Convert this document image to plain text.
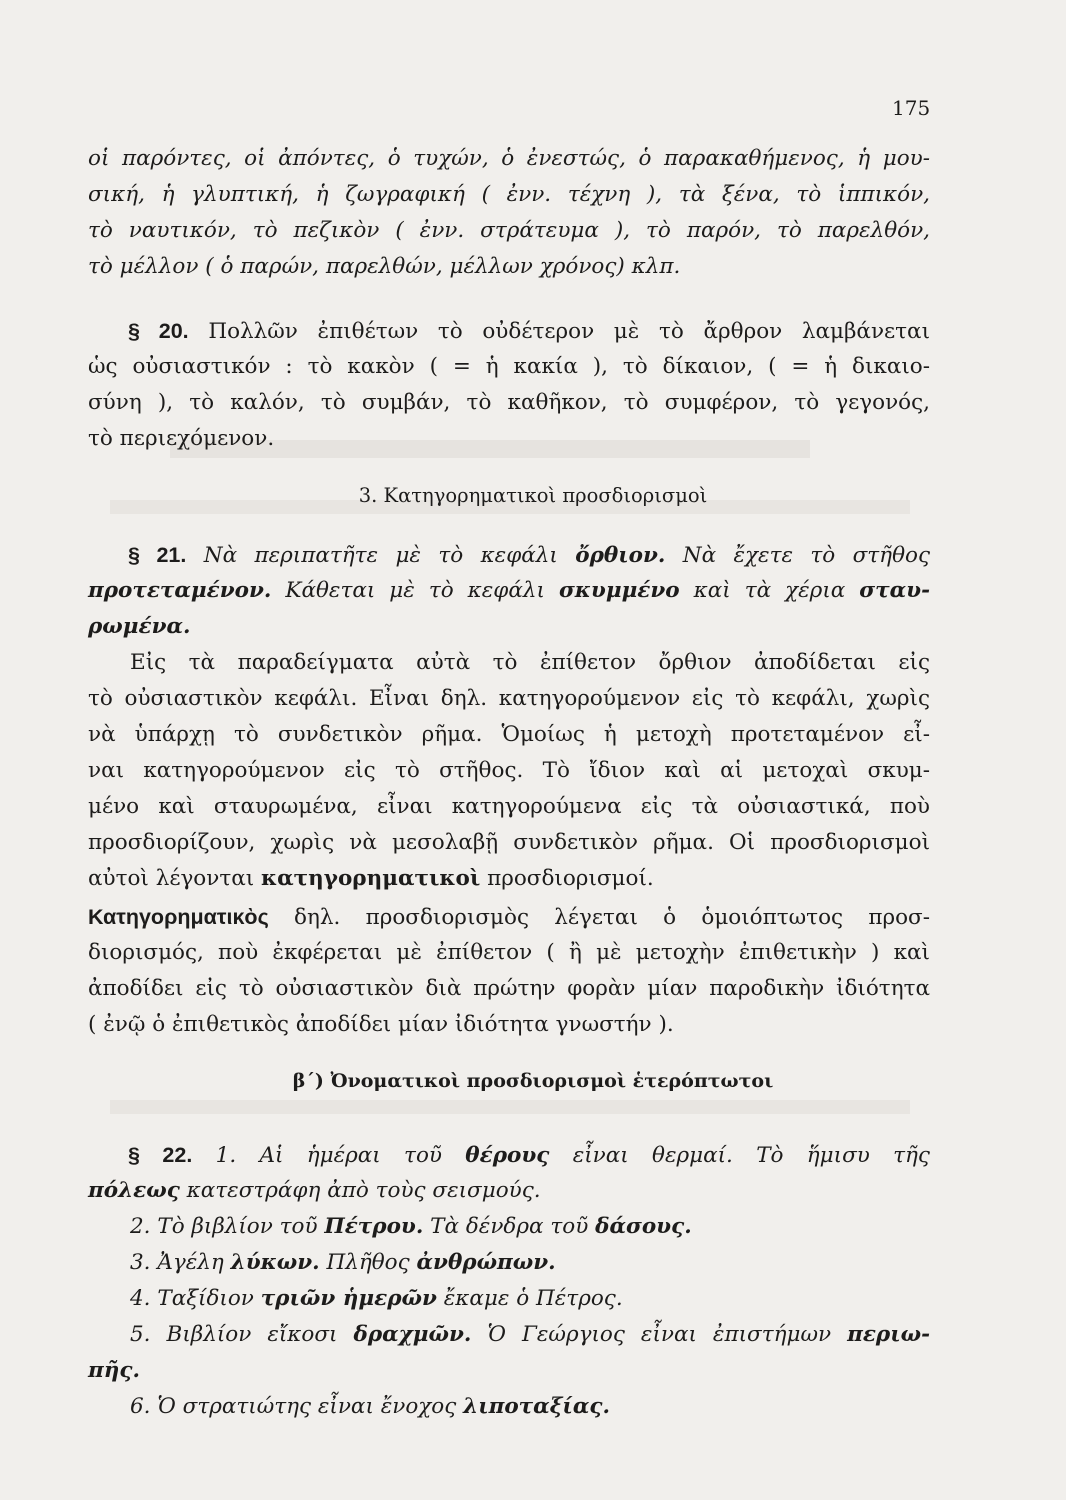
175
οἱ παρόντες, οἱ ἀπόντες, ὁ τυχών, ὁ ἐνεστώς, ὁ παρακαθήμενος, ἡ μου-
σική, ἡ γλυπτική, ἡ ζωγραφική ( ἐνν. τέχνη ), τὰ ξένα, τὸ ἱππικόν,
τὸ ναυτικόν, τὸ πεζικὸν ( ἐνν. στράτευμα ), τὸ παρόν, τὸ παρελθόν,
τὸ μέλλον ( ὁ παρών, παρελθών, μέλλων χρόνος) κλπ.
§ 20. Πολλῶν ἐπιθέτων τὸ οὐδέτερον μὲ τὸ ἄρθρον λαμβάνεται
ὡς οὐσιαστικόν : τὸ κακὸν ( = ἡ κακία ), τὸ δίκαιον, ( = ἡ δικαιο-
σύνη ), τὸ καλόν, τὸ συμβάν, τὸ καθῆκον, τὸ συμφέρον, τὸ γεγονός,
τὸ περιεχόμενον.
3. Κατηγορηματικοὶ προσδιορισμοὶ
§ 21. Νὰ περιπατῆτε μὲ τὸ κεφάλι ὄρθιον. Νὰ ἔχετε τὸ στῆθος
προτεταμένον. Κάθεται μὲ τὸ κεφάλι σκυμμένο καὶ τὰ χέρια σταυ-
ρωμένα.
Εἰς τὰ παραδείγματα αὐτὰ τὸ ἐπίθετον ὄρθιον ἀποδίδεται εἰς
τὸ οὐσιαστικὸν κεφάλι. Εἶναι δηλ. κατηγορούμενον εἰς τὸ κεφάλι, χωρὶς
νὰ ὑπάρχῃ τὸ συνδετικὸν ρῆμα. Ὁμοίως ἡ μετοχὴ προτεταμένον εἶ-
ναι κατηγορούμενον εἰς τὸ στῆθος. Τὸ ἴδιον καὶ αἱ μετοχαὶ σκυμ-
μένο καὶ σταυρωμένα, εἶναι κατηγορούμενα εἰς τὰ οὐσιαστικά, ποὺ
προσδιορίζουν, χωρὶς νὰ μεσολαβῇ συνδετικὸν ρῆμα. Οἱ προσδιορισμοὶ
αὐτοὶ λέγονται κατηγορηματικοὶ προσδιορισμοί.
Κατηγορηματικὸς δηλ. προσδιορισμὸς λέγεται ὁ ὁμοιόπτωτος προσ-
διορισμός, ποὺ ἐκφέρεται μὲ ἐπίθετον ( ἢ μὲ μετοχὴν ἐπιθετικὴν ) καὶ
ἀποδίδει εἰς τὸ οὐσιαστικὸν διὰ πρώτην φορὰν μίαν παροδικὴν ἰδιότητα
( ἐνῷ ὁ ἐπιθετικὸς ἀποδίδει μίαν ἰδιότητα γνωστήν ).
β΄) Ὀνοματικοὶ προσδιορισμοὶ ἑτερόπτωτοι
§ 22. 1. Αἱ ἡμέραι τοῦ θέρους εἶναι θερμαί. Τὸ ἥμισυ τῆς
πόλεως κατεστράφη ἀπὸ τοὺς σεισμούς.
2. Τὸ βιβλίον τοῦ Πέτρου. Τὰ δένδρα τοῦ δάσους.
3. Ἀγέλη λύκων. Πλῆθος ἀνθρώπων.
4. Ταξίδιον τριῶν ἡμερῶν ἔκαμε ὁ Πέτρος.
5. Βιβλίον εἴκοσι δραχμῶν. Ὁ Γεώργιος εἶναι ἐπιστήμων περιω-
πῆς.
6. Ὁ στρατιώτης εἶναι ἔνοχος λιποταξίας.
